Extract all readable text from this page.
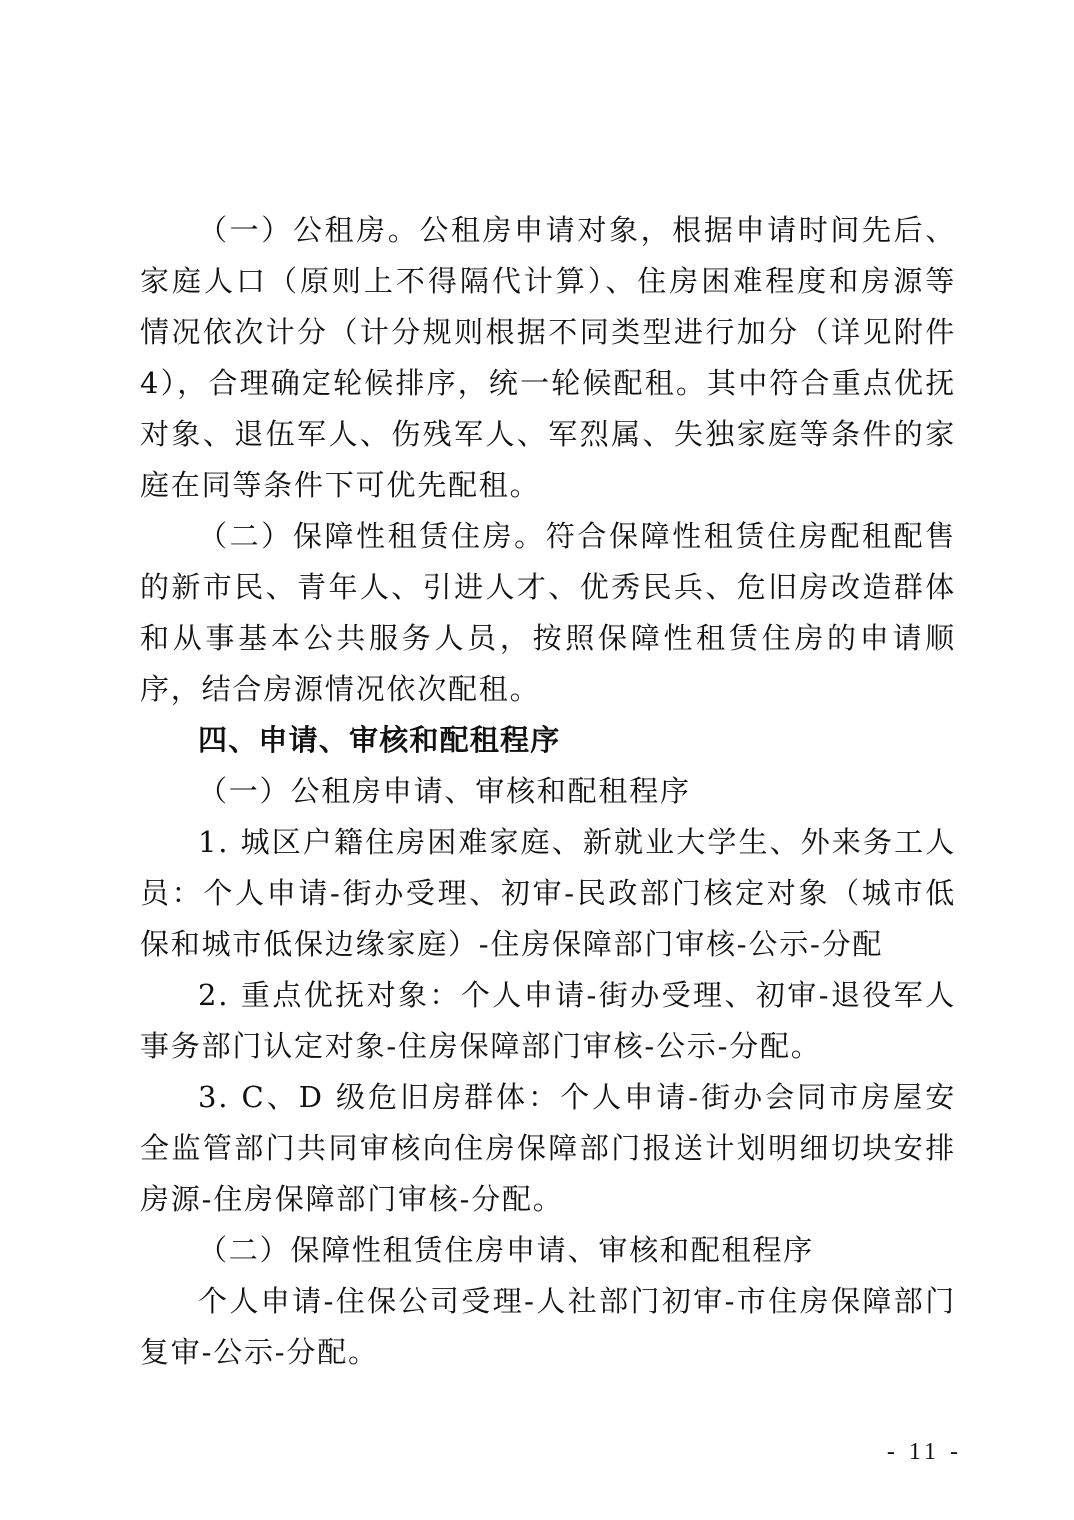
（一）公租房。公租房申请对象，根据申请时间先后、家庭人口（原则上不得隔代计算）、住房困难程度和房源等情况依次计分（计分规则根据不同类型进行加分（详见附件 4），合理确定轮候排序，统一轮候配租。其中符合重点优抚对象、退伍军人、伤残军人、军烈属、失独家庭等条件的家庭在同等条件下可优先配租。

（二）保障性租赁住房。符合保障性租赁住房配租配售的新市民、青年人、引进人才、优秀民兵、危旧房改造群体和从事基本公共服务人员，按照保障性租赁住房的申请顺序，结合房源情况依次配租。

四、申请、审核和配租程序

（一）公租房申请、审核和配租程序

1. 城区户籍住房困难家庭、新就业大学生、外来务工人员：个人申请-街办受理、初审-民政部门核定对象（城市低保和城市低保边缘家庭）-住房保障部门审核-公示-分配

2. 重点优抚对象：个人申请-街办受理、初审-退役军人事务部门认定对象-住房保障部门审核-公示-分配。

3. C、D 级危旧房群体：个人申请-街办会同市房屋安全监管部门共同审核向住房保障部门报送计划明细切块安排房源-住房保障部门审核-分配。

（二）保障性租赁住房申请、审核和配租程序

个人申请-住保公司受理-人社部门初审-市住房保障部门复审-公示-分配。

- 11 -
